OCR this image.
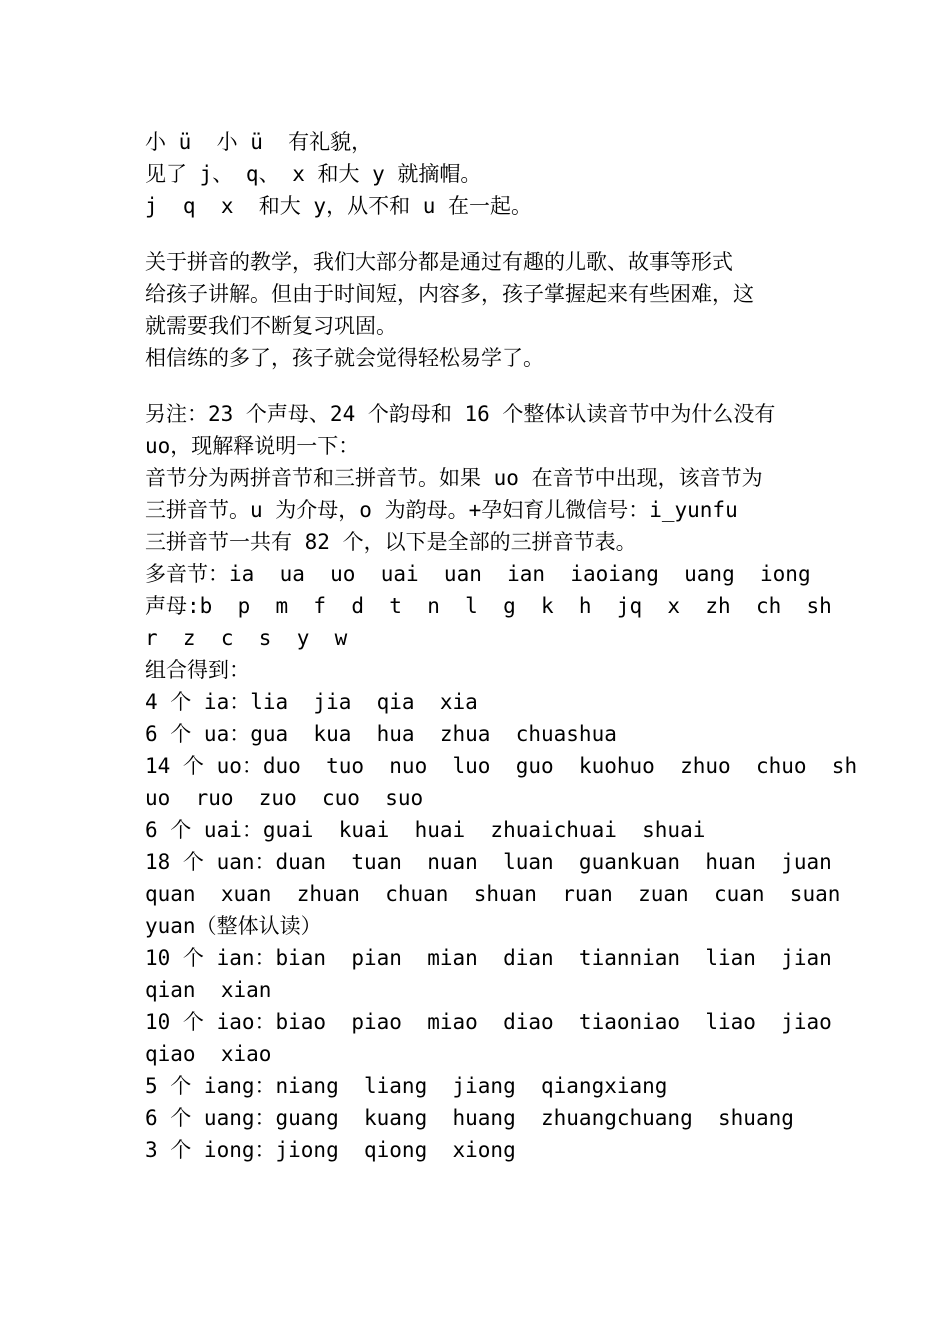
小 ü  小 ü  有礼貌，
见了 j、 q、 x 和大 y 就摘帽。
j  q  x  和大 y，从不和 u 在一起。
关于拼音的教学，我们大部分都是通过有趣的儿歌、故事等形式
给孩子讲解。但由于时间短，内容多，孩子掌握起来有些困难，这
就需要我们不断复习巩固。
相信练的多了，孩子就会觉得轻松易学了。
另注：23 个声母、24 个韵母和 16 个整体认读音节中为什么没有
uo，现解释说明一下：
音节分为两拼音节和三拼音节。如果 uo 在音节中出现，该音节为
三拼音节。u 为介母，o 为韵母。+孕妇育儿微信号：i_yunfu
三拼音节一共有 82 个，以下是全部的三拼音节表。
多音节：ia  ua  uo  uai  uan  ian  iaoiang  uang  iong
声母:b  p  m  f  d  t  n  l  g  k  h  jq  x  zh  ch  sh
r  z  c  s  y  w
组合得到：
4 个 ia：lia  jia  qia  xia
6 个 ua：gua  kua  hua  zhua  chuashua
14 个 uo：duo  tuo  nuo  luo  guo  kuohuo  zhuo  chuo  sh
uo  ruo  zuo  cuo  suo
6 个 uai：guai  kuai  huai  zhuaichuai  shuai
18 个 uan：duan  tuan  nuan  luan  guankuan  huan  juan
quan  xuan  zhuan  chuan  shuan  ruan  zuan  cuan  suan
yuan（整体认读）
10 个 ian：bian  pian  mian  dian  tiannian  lian  jian
qian  xian
10 个 iao：biao  piao  miao  diao  tiaoniao  liao  jiao
qiao  xiao
5 个 iang：niang  liang  jiang  qiangxiang
6 个 uang：guang  kuang  huang  zhuangchuang  shuang
3 个 iong：jiong  qiong  xiong
